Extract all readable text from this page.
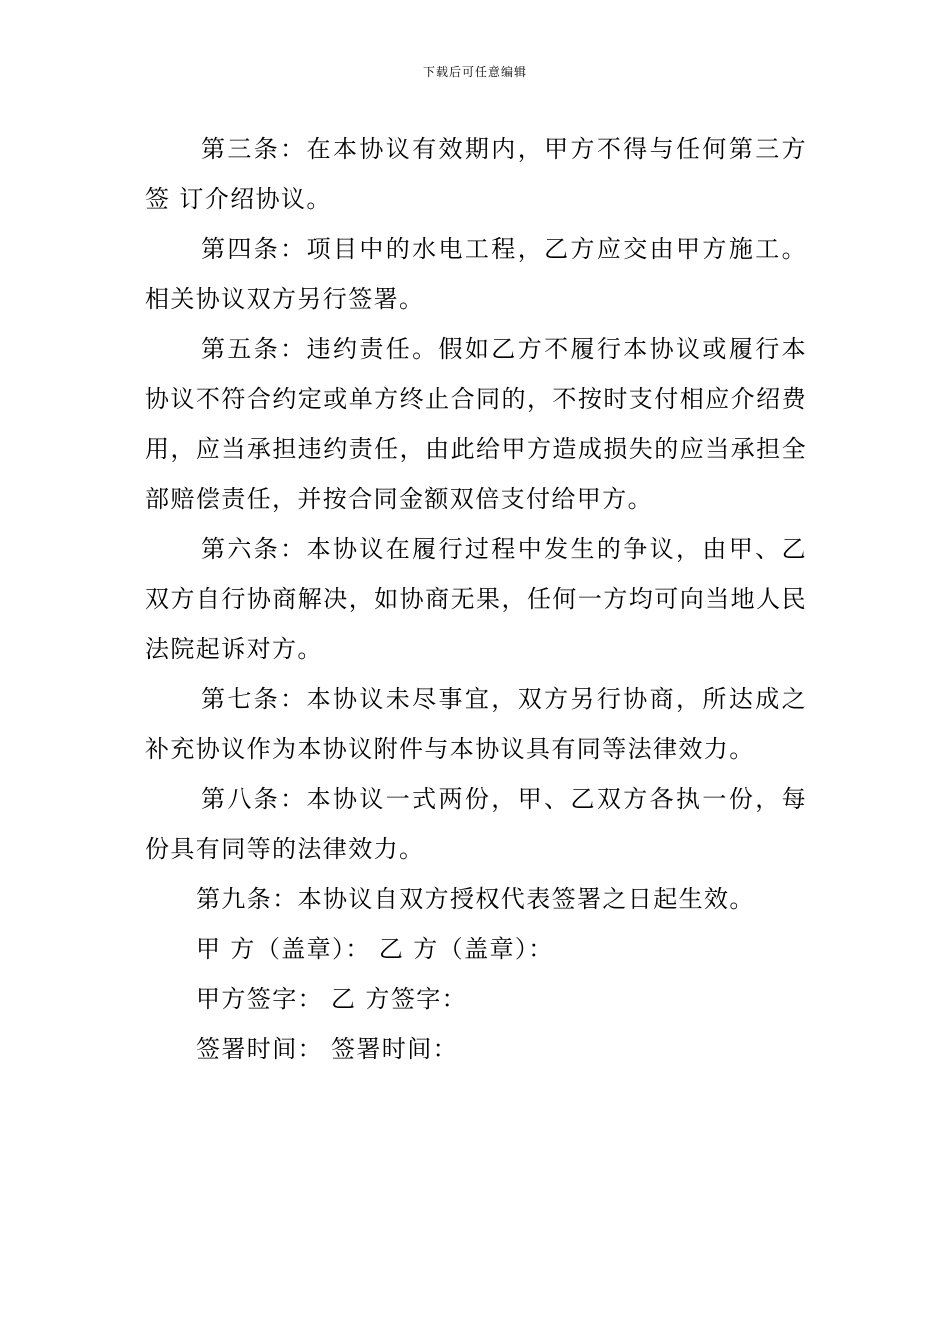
下载后可任意编辑

第三条：在本协议有效期内，甲方不得与任何第三方签 订介绍协议。

第四条：项目中的水电工程，乙方应交由甲方施工。相关协议双方另行签署。

第五条：违约责任。假如乙方不履行本协议或履行本协议不符合约定或单方终止合同的，不按时支付相应介绍费用，应当承担违约责任，由此给甲方造成损失的应当承担全部赔偿责任，并按合同金额双倍支付给甲方。

第六条：本协议在履行过程中发生的争议，由甲、乙双方自行协商解决，如协商无果，任何一方均可向当地人民法院起诉对方。

第七条：本协议未尽事宜，双方另行协商，所达成之补充协议作为本协议附件与本协议具有同等法律效力。

第八条：本协议一式两份，甲、乙双方各执一份，每份具有同等的法律效力。

第九条：本协议自双方授权代表签署之日起生效。

甲 方（盖章）： 乙 方（盖章）：

甲方签字： 乙 方签字：

签署时间： 签署时间：
